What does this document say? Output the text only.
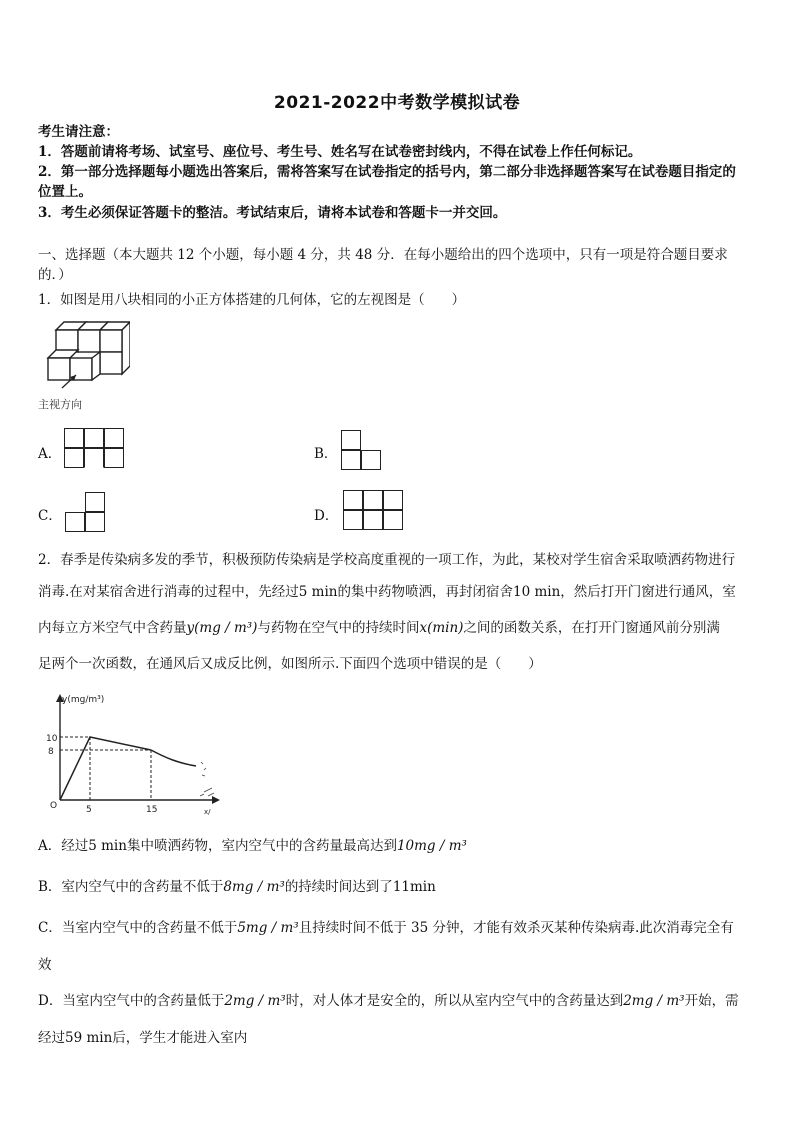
2021-2022中考数学模拟试卷
考生请注意：
1．答题前请将考场、试室号、座位号、考生号、姓名写在试卷密封线内，不得在试卷上作任何标记。
2．第一部分选择题每小题选出答案后，需将答案写在试卷指定的括号内，第二部分非选择题答案写在试卷题目指定的
位置上。
3．考生必须保证答题卡的整洁。考试结束后，请将本试卷和答题卡一并交回。
一、选择题（本大题共 12 个小题，每小题 4 分，共 48 分．在每小题给出的四个选项中，只有一项是符合题目要求
的．）
1．如图是用八块相同的小正方体搭建的几何体，它的左视图是（　　）
主视方向
A．	B．
C．	D．
2．春季是传染病多发的季节，积极预防传染病是学校高度重视的一项工作，为此，某校对学生宿舍采取喷洒药物进行
消毒.在对某宿舍进行消毒的过程中，先经过5 min的集中药物喷洒，再封闭宿舍10 min，然后打开门窗进行通风，室
内每立方米空气中含药量y(mg / m³)与药物在空气中的持续时间x(min)之间的函数关系，在打开门窗通风前分别满
足两个一次函数，在通风后又成反比例，如图所示.下面四个选项中错误的是（　　）
y(mg/m³)
10
8
O	5	15	x/
A．经过5 min集中喷洒药物，室内空气中的含药量最高达到10mg / m³
B．室内空气中的含药量不低于8mg / m³的持续时间达到了11min
C．当室内空气中的含药量不低于5mg / m³且持续时间不低于 35 分钟，才能有效杀灭某种传染病毒.此次消毒完全有
效
D．当室内空气中的含药量低于2mg / m³时，对人体才是安全的，所以从室内空气中的含药量达到2mg / m³开始，需
经过59 min后，学生才能进入室内
